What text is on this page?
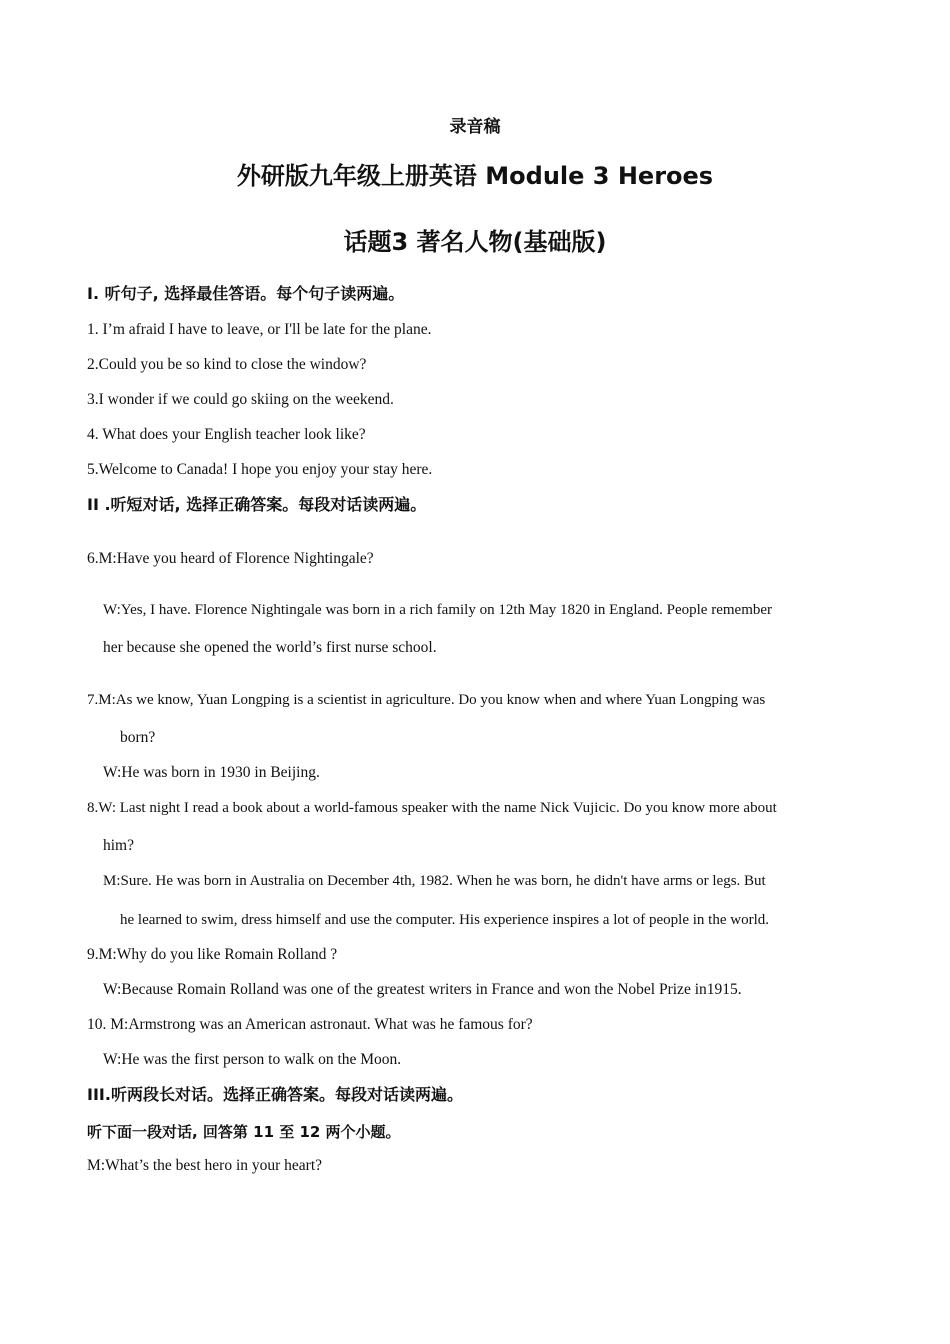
录音稿
外研版九年级上册英语 Module 3 Heroes
话题3 著名人物(基础版)
I. 听句子, 选择最佳答语。每个句子读两遍。
1. I’m afraid I have to leave, or I'll be late for the plane.
2.Could you be so kind to close the window?
3.I wonder if we could go skiing on the weekend.
4. What does your English teacher look like?
5.Welcome to Canada! I hope you enjoy your stay here.
II .听短对话, 选择正确答案。每段对话读两遍。
6.M:Have you heard of Florence Nightingale?
W:Yes, I have. Florence Nightingale was born in a rich family on 12th May 1820 in England. People remember
her because she opened the world’s first nurse school.
7.M:As we know, Yuan Longping is a scientist in agriculture. Do you know when and where Yuan Longping was
born?
W:He was born in 1930 in Beijing.
8.W: Last night I read a book about a world-famous speaker with the name Nick Vujicic. Do you know more about
him?
M:Sure. He was born in Australia on December 4th, 1982. When he was born, he didn't have arms or legs. But
he learned to swim, dress himself and use the computer. His experience inspires a lot of people in the world.
9.M:Why do you like Romain Rolland ?
W:Because Romain Rolland was one of the greatest writers in France and won the Nobel Prize in1915.
10. M:Armstrong was an American astronaut. What was he famous for?
W:He was the first person to walk on the Moon.
III.听两段长对话。选择正确答案。每段对话读两遍。
听下面一段对话, 回答第 11 至 12 两个小题。
M:What’s the best hero in your heart?
